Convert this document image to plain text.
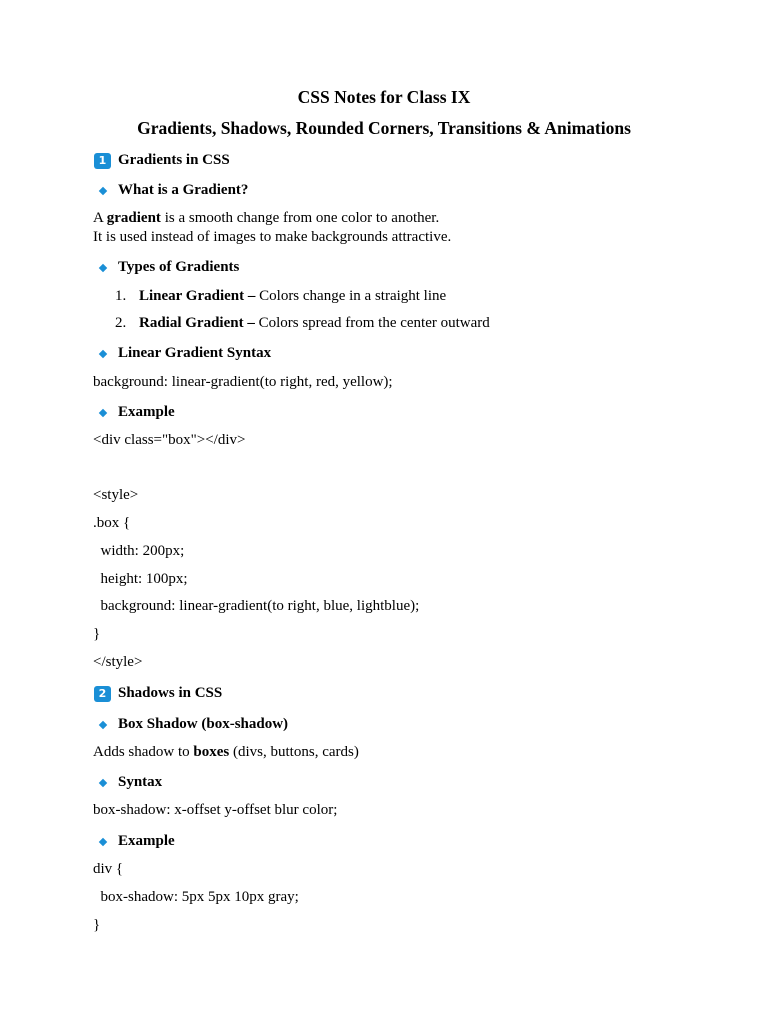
CSS Notes for Class IX
Gradients, Shadows, Rounded Corners, Transitions & Animations
1 Gradients in CSS
What is a Gradient?
A gradient is a smooth change from one color to another.
It is used instead of images to make backgrounds attractive.
Types of Gradients
1. Linear Gradient – Colors change in a straight line
2. Radial Gradient – Colors spread from the center outward
Linear Gradient Syntax
background: linear-gradient(to right, red, yellow);
Example
<div class="box"></div>
<style>
.box {
width: 200px;
height: 100px;
background: linear-gradient(to right, blue, lightblue);
}
</style>
2 Shadows in CSS
Box Shadow (box-shadow)
Adds shadow to boxes (divs, buttons, cards)
Syntax
box-shadow: x-offset y-offset blur color;
Example
div {
box-shadow: 5px 5px 10px gray;
}
